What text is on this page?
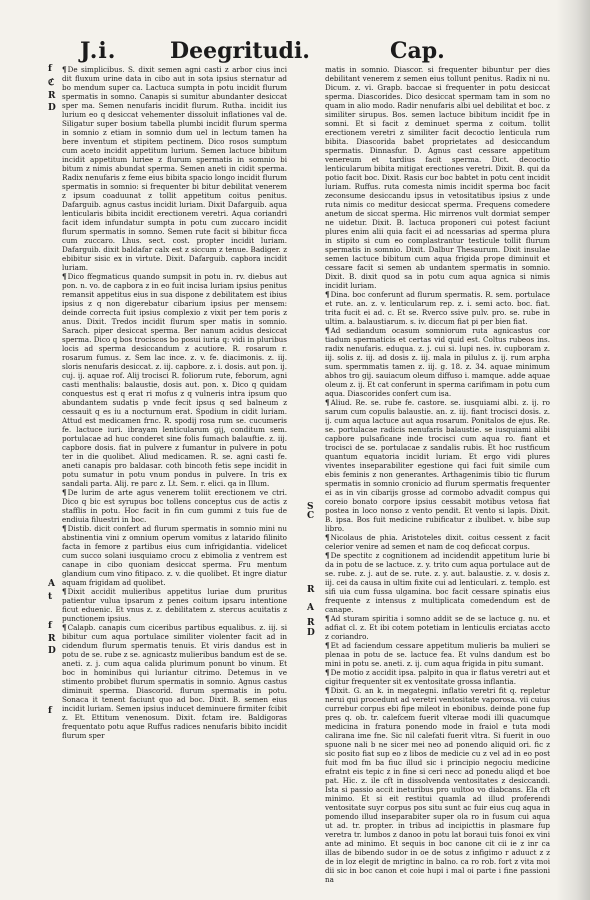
J.i. Deegritudi.	Cap.
f
ℭ
R
D
A
t
f
R
D
f
S
C
R
A
R
D

¶De simplicibus. S. dixit semen agni casti z arbor cius inci dit fluxum urine data in cibo aut in sota ipsius sternatur ad bo mendum super ca. Lactuca sumpta in potu incidit flurum spermatis in somno. Canapis si sumitur abundanter desiccat sper ma. Semen nenufaris incidit flurum. Rutha. incidit ius lurium eo q desiccat vehementer dissoluit inflationes val de. Siligatur super bosium tabella plumbi incidit flurum sperma in somnio z etiam in somnio dum uel in lectum tamen ha bere inventum et stipitem pectinem. Dico rosos sumptum cum aceto incidit appetitum lurium. Semen lactuce bibitum incidit appetitum luriee z flurum spermatis in somnio bi bitum z nimis abundat sperma. Semen aneti in cidit sperma. Radix nenufaris z feme eius bibita spacio longo incidit flurum spermatis in somnio: si frequenter bi bitur debilitat venerem z ipsum coaduunat z tollit appetitum coitus penitus. Dafarguib. agnus castus incidit luriam. Dixit Dafarguib. aqua lenticularis bibita incidit erectionem veretri. Aqua coriandri facit idem infundatur sumpta in potu cum zuccaro incidit flurum spermatis in somno. Semen rute facit si bibitur ficca cum zuccaro. Lhus. sect. cost. propter incidit luriam. Dafarguib. dixit baldafar calx est z siccum z tenue. Badiger. z ebibitur sisic ex in virtute. Dixit. Dafarguib. capbora incidit luriam.

¶Dico ffegmaticus quando sumpsit in potu in. rv. diebus aut pon. n. vo. de capbora z in eo fuit incisa luriam ipsius penitus remansit appetitus eius in sua dispone z debilitatem est ibius ipsius z q non digerebatur cibarium ipsius per mensem: deinde correcta fuit ipsius complexio z vixit per tem poris z anus. Dixit. Tredos incidit flurum sper matis in somnio. Sarach. piper desiccat sperma. Ber nanum acidus desiccat sperma. Dico q bos trociscos bo posui iuria q: vidi in pluribus locis ad sperma desiccandum z acutiore. R. rosarum r. rosarum fumus. z. Sem lac ince. z. v. fe. diacimonis. z. iij. sloris nenufaris desiccat. z. iij. capbore. z. i. dosis. aut pon. ij. cuj. ij. aquae rof. Alij trocisci R. foliorum rute, feborum, agni casti menthalis: balaustie, dosis aut. pon. x. Dico q quidam conquestus est q erat ri mofus z q vulneris intra ipsum quo abundantem sudatis p vnde fecit ipsus q sed balneum z cessauit q es iu a nocturnum erat. Spodium in cidit luriam. Attud est medicamen frnc. R. spodij rosa rum se. cucumeris fe. lactuce iuri. ibrayam lenticularum gij, conditum sem. portulacae ad huc conderet sine folis fumach balauftie. z. iij. capbore dosis. fiat in pulvere z fumantur in pulvere in potu ter in die quolibet. Aliud medicamen. R. se. agni casti fe. aneti canapis pro baldasar. coth bincoth fetis sepe incidit in potu sumatur in potu vnum pondus in pulvere. In tris ex sandali parta. Alij. re parc z. Lt. Sem. r. elici. qa in Illum.

¶De lurim de arte agus venerem toliit erectionem ve ctri. Dico q bic est syrupus boc tollens conceptus cus de actis z stafflis in potu. Hoc facit in fin cum gummi z tuis fue de endiuia filuestri in boc.

¶Distib. dicit confert ad flurum spermatis in somnio mini nu abstinentia vini z omnium operum vomitus z latarido filinito facta in femore z partibus eius cum infrigidantia. videlicet cum succo solani iusquiamo crocu z ebimolia z ventrem est canape in cibo quoniam desiccat sperma. Fru mentum glandium cum vino fitipaco. z. v. die quolibet. Et ingre diatur aquam frigidam ad quolibet.

¶Dixit accidit mulieribus appetitus luriae dum pruritus patientur vulua ipsarum z penes coitum ipsaru intentione ficut eduenic. Et vnus z. z. debilitatem z. stercus acuitatis z punctionem ipsius.

¶Calapb. canapis cum ciceribus partibus equalibus. z. iij. si bibitur cum aqua portulace similiter violenter facit ad in cidendum flurum spermatis tenuis. Et viris dandus est in potu de se. rube z se. agnicastz mulieribus bandum est de se. aneti. z. j. cum aqua calida plurimum ponunt bo vinum. Et boc in hominibus qui luriantur citrimo. Detemus in ve stimento probibet flurum spermatis in somnio. Agnus castus diminuit sperma. Diascorid. flurum spermatis in potu. Sonaca it tenent faciunt quo ad boc. Dixit. B. semen eius incidit luriam. Semen ipsius inducet deminuere firmiter fcibit z. Et. Ettitum venenosum. Dixit. fctam ire. Baldigoras frequentato potu aque Ruffus radices nenufaris bibito incidit flurum sper

matis in somnio. Diascor. si frequenter bibuntur per dies debilitant venerem z semen eius tollunt penitus. Radix ni nu. Dicum. z. vi. Grapb. baccae si frequenter in potu desiccat sperma. Diascorides. Dico desiccat spermam tam in som no quam in alio modo. Radir nenufaris albi uel debilitat et boc. z similiter sirupus. Bos. semen lactuce bibitum incidit fpe in somni. Et si facit z deminuet sperma z coitum. tollit erectionem veretri z similiter facit decoctio lenticula rum bibita. Diascorida babet proprietates ad desiccandum spermatis. Dinnasfur. D. Agnus cast cessare appetitum venereum et tardius facit sperma. Dict. decoctio lenticularum bibita mitigat erectiones veretri. Dixit. B. qui da potio facit boc. Dixit. Rasis cur boc babtet in potu cent incidit luriam. Ruffus. ruta comesta nimis incidit sperma boc facit zeconsume desiccandu ipsus in vetositatibus ipsius z unde ruta nimis co meditur desiccat sperma. Frequens comedere anetum de siccat sperma. Hic mirrenos vult dormiat semper ne uidetur. Dixit. B. lactuca proponeri cui potest faciunt plures enim alii quia facit ei ad ncessarias ad sperma plura in stipito si cum eo complastrantur testicule tollit flurum spermatis in somnio. Dixit. Dalbur Thesaurum. Dixit insulae semen lactuce bibitum cum aqua frigida prope diminuit et cessare facit si semen ab undantem spermatis in somnio. Dixit. B. dixit quod sa in potu cum aqua agnica si nimis incidit luriam.

¶Dina. boc conferunt ad flurum spermatis. R. sem. portulace et rute. an. z. v. lenticularum rep. z. i. semi acto. boc. fiat. trita fucit ei ad. c. Et se. Rverco ssive pulv. pro. se. rube in ultim. a. balaustiarum. s. iv. diccum fiat pi per bien fiat.

¶Ad sediandum ocasum somniorum ruta agnicastus cor tiadum spermaticis et certas vid quid est. Coltus rubeos ins. radix nenufaris. eduqua. z. j. cui si. lupi nes. iv. cupboram z. iij. solis z. iij. ad dosis z. iij. mala in pilulus z. ij. rum arpha sum. spermmatis tamen z. iij. g. 18. z. 34. aquae minimum abhos tro gij. sauiacum oleum diffuso i. mamque. adde aquae oleum z. ij. Et cat conferunt in sperma carifimam in potu cum aqua. Diascorides confert cum isa.

¶Aliud. Re. se. rube fe. castore. se. iusquiami albi. z. ij. ro sarum cum copulis balaustie. an. z. iij. fiant trocisci dosis. z. ij. cum aqua lactuce aut aqua rosarum. Ponitalos de ejus. Re. se. portulacae radicis nenufaris balaustie. se iusquiami alibi capbore pulsaficane inde trocisci cum aqua ro. fiant et trocisci de se. portulacae z sandalis rubis. Et hoc rustficum quantum equatoria incidit luriam. Et ergo vidi plures viventes inseparabiliter egestione qui faci fuit simile cum ebis feminis z non generantes. Arthagenimis tibio tic flurum spermatis in somnio cronicio ad flurum spermatis frequenter ei as in vin cibarijs grosse ad cormobo advadit compus qui coreio bonato corpore ipsius cessabit motibus vetosa fiat postea in loco nonso z vento pendit. Et vento si lapis. Dixit. B. ipsa. Bos fuit medicine rubificatur z ibulibet. v. bibe sup libro.

¶Nicolaus de phia. Aristoteles dixit. coitus cessent z facit celerior venire ad semen et nam de coq deficcat corpus.

¶De spectitc z cognitionem ad incidendit appetitum lurie bi da in potu de se lactuce. z. y. trito cum aqua portulace aut de se. rube. z. j. aut de se. rute. z. y. aut. balaustie. z. v. dosis z. iij. cei da causa in ultim fixite cui ad lenticulari. z. templo. est sifi uia cum fussa ulgamina. boc facit cessare spinatis eius frequente z intensus z multiplicata comedendum est de canape.

¶Ad sturam spiritia i somno addit se de se lactuce g. nu. et adfiat cl. z. Et ibi cotem potetiam in lenticulis erciatas accto z coriandro.

¶Et ad faciendum cessare appetitum mulieris ba mulieri se plenaa in potu de se. lactuce fea. Et vulns dandum est bo mini in potu se. aneti. z. ij. cum aqua frigida in pitu sumant.

¶De motio z accidit ipsa. palpito in qua ir flatus veretri aut et cigitur frequenter sit ex ventositate grossa inflantia.

¶Dixit. G. an k. in megategni. inflatio veretri fit q. repletur nerui qui procedunt ad veretri ventositate vaporosa. vii cuius currebur corpus ebi fipe mileot in ebonibus. deinde pone fup pres q. ob. tr. calefcem fuerit vlterae modi illi quacumque medicina in fratura ponendo mode in fraiol e tuta modi calirana ime fne. Sic nil calefati fuerit vltra. Si fuerit in ouo spuone nali b ne sicer mei neo ad ponendo aliquid ori. fic z sic posito fiat sup eo z libos de medicie cu z vel ad in eo post fuit mod fm ba fiuc illud sic i principio negociu medicine efratnt eis tepic z in fine si ceri necc ad ponedu aliqd et boe pat. Hic. z. ile cft in dissolvenda ventositates z desiccandi. Ista si passio accit ineturibus pro uultoo vo diabcans. Ela cft minimo. Et si eit restitui quamla ad illud proferendi ventositate suyr corpus pos situ sunt ac fuir eius cuq aqua in pomendo illud inseparabiter super ola ro in fusum cui aqua ut ad. tr. propter. in tribus ad incipicttis in plasmare fup veretra tr. lumbos z danoo in potu lat boraui tuis fonoi ex vini ante ad minimo. Et sequis in boc canone cit cii ie z inr ca illas de bibendo sudor in oe de sotus z infigimo r aduuct z z de in loz elegit de mrigtinc in balno. ca ro rob. fort z vita moi dii sic in boc canon et coie hupi i mal oi parte i fine passioni na
